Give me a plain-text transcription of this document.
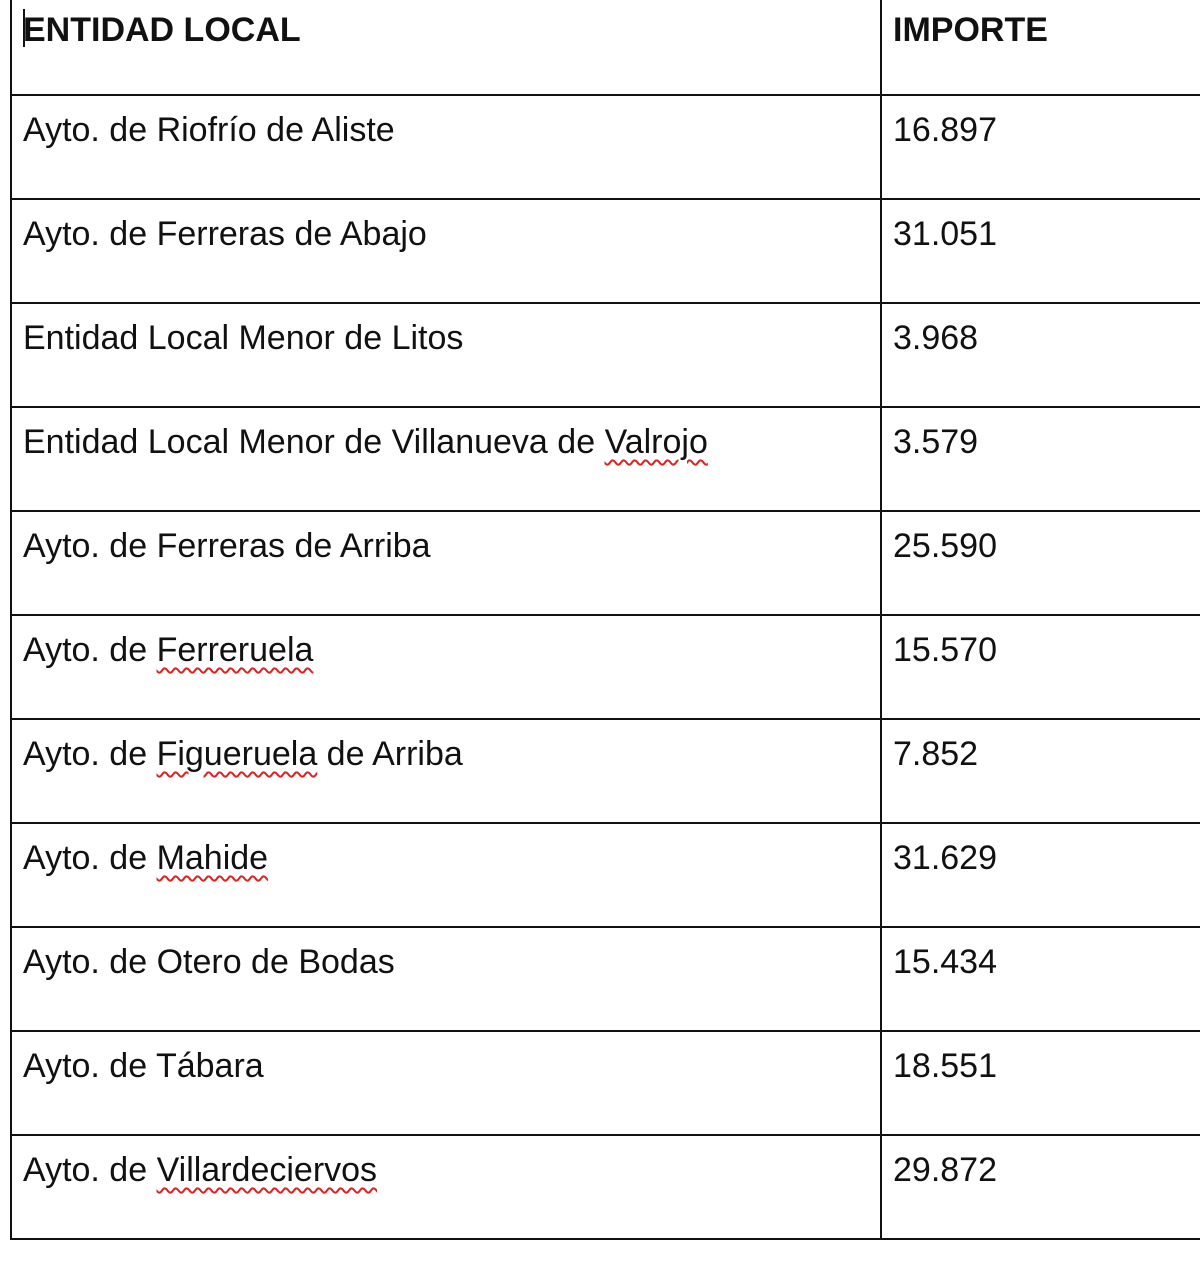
ENTIDAD LOCAL	IMPORTE
Ayto. de Riofrío de Aliste	16.897
Ayto. de Ferreras de Abajo	31.051
Entidad Local Menor de Litos	3.968
Entidad Local Menor de Villanueva de Valrojo	3.579
Ayto. de Ferreras de Arriba	25.590
Ayto. de Ferreruela	15.570
Ayto. de Figueruela de Arriba	7.852
Ayto. de Mahide	31.629
Ayto. de Otero de Bodas	15.434
Ayto. de Tábara	18.551
Ayto. de Villardeciervos	29.872
